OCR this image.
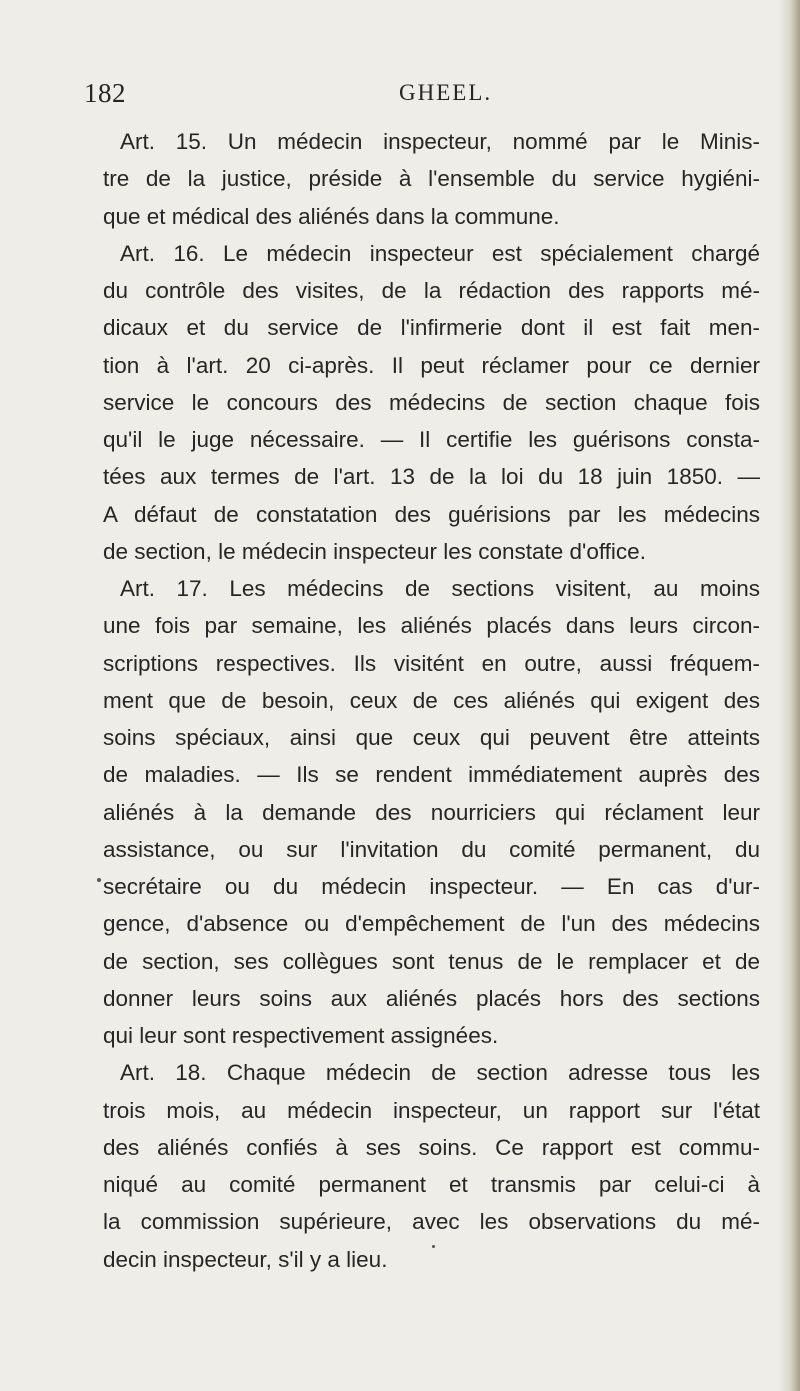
182	GHEEL.
Art. 15. Un médecin inspecteur, nommé par le Minis-
tre de la justice, préside à l'ensemble du service hygiéni-
que et médical des aliénés dans la commune.
Art. 16. Le médecin inspecteur est spécialement chargé
du contrôle des visites, de la rédaction des rapports mé-
dicaux et du service de l'infirmerie dont il est fait men-
tion à l'art. 20 ci-après. Il peut réclamer pour ce dernier
service le concours des médecins de section chaque fois
qu'il le juge nécessaire. — Il certifie les guérisons consta-
tées aux termes de l'art. 13 de la loi du 18 juin 1850. —
A défaut de constatation des guérisions par les médecins
de section, le médecin inspecteur les constate d'office.
Art. 17. Les médecins de sections visitent, au moins
une fois par semaine, les aliénés placés dans leurs circon-
scriptions respectives. Ils visitént en outre, aussi fréquem-
ment que de besoin, ceux de ces aliénés qui exigent des
soins spéciaux, ainsi que ceux qui peuvent être atteints
de maladies. — Ils se rendent immédiatement auprès des
aliénés à la demande des nourriciers qui réclament leur
assistance, ou sur l'invitation du comité permanent, du
secrétaire ou du médecin inspecteur. — En cas d'ur-
gence, d'absence ou d'empêchement de l'un des médecins
de section, ses collègues sont tenus de le remplacer et de
donner leurs soins aux aliénés placés hors des sections
qui leur sont respectivement assignées.
Art. 18. Chaque médecin de section adresse tous les
trois mois, au médecin inspecteur, un rapport sur l'état
des aliénés confiés à ses soins. Ce rapport est commu-
niqué au comité permanent et transmis par celui-ci à
la commission supérieure, avec les observations du mé-
decin inspecteur, s'il y a lieu.
